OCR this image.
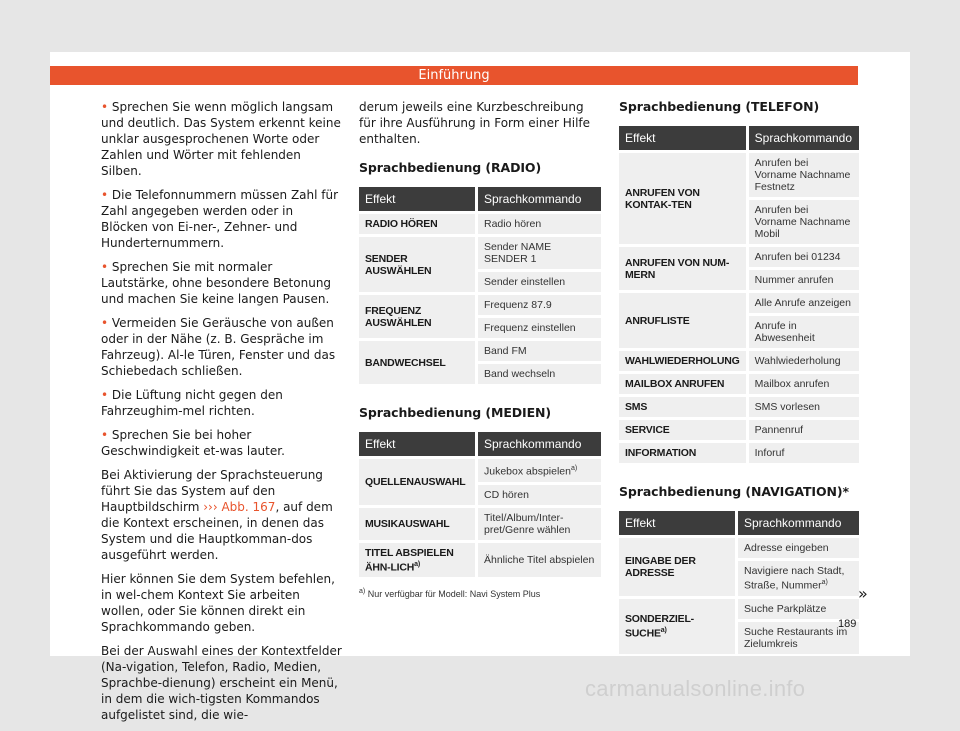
Einführung

• Sprechen Sie wenn möglich langsam und deutlich. Das System erkennt keine unklar ausgesprochenen Worte oder Zahlen und Wörter mit fehlenden Silben.

• Die Telefonnummern müssen Zahl für Zahl angegeben werden oder in Blöcken von Ei-ner-, Zehner- und Hunderternummern.

• Sprechen Sie mit normaler Lautstärke, ohne besondere Betonung und machen Sie keine langen Pausen.

• Vermeiden Sie Geräusche von außen oder in der Nähe (z. B. Gespräche im Fahrzeug). Al-le Türen, Fenster und das Schiebedach schließen.

• Die Lüftung nicht gegen den Fahrzeughim-mel richten.

• Sprechen Sie bei hoher Geschwindigkeit et-was lauter.

Bei Aktivierung der Sprachsteuerung führt Sie das System auf den Hauptbildschirm ››› Abb. 167, auf dem die Kontext erscheinen, in denen das System und die Hauptkomman-dos ausgeführt werden.

Hier können Sie dem System befehlen, in wel-chem Kontext Sie arbeiten wollen, oder Sie können direkt ein Sprachkommando geben.

Bei der Auswahl eines der Kontextfelder (Na-vigation, Telefon, Radio, Medien, Sprachbe-dienung) erscheint ein Menü, in dem die wich-tigsten Kommandos aufgelistet sind, die wie-

derum jeweils eine Kurzbeschreibung für ihre Ausführung in Form einer Hilfe enthalten.

Sprachbedienung (RADIO)

Effekt	Sprachkommando
RADIO HÖREN	Radio hören
SENDER AUSWÄHLEN	Sender NAME SENDER 1
	Sender einstellen
FREQUENZ AUSWÄHLEN	Frequenz 87.9
	Frequenz einstellen
BANDWECHSEL	Band FM
	Band wechseln

Sprachbedienung (MEDIEN)

Effekt	Sprachkommando
QUELLENAUSWAHL	Jukebox abspielen$^{a)}$
	CD hören
MUSIKAUSWAHL	Titel/Album/Inter-pret/Genre wählen
TITEL ABSPIELEN ÄHN-LICH$^{a)}$	Ähnliche Titel abspielen
$^{a)}$ Nur verfügbar für Modell: Navi System Plus

Sprachbedienung (TELEFON)

Effekt	Sprachkommando
ANRUFEN VON KONTAK-TEN	Anrufen bei Vorname Nachname Festnetz
	Anrufen bei Vorname Nachname Mobil
ANRUFEN VON NUM-MERN	Anrufen bei 01234
	Nummer anrufen
ANRUFLISTE	Alle Anrufe anzeigen
	Anrufe in Abwesenheit
WAHLWIEDERHOLUNG	Wahlwiederholung
MAILBOX ANRUFEN	Mailbox anrufen
SMS	SMS vorlesen
SERVICE	Pannenruf
INFORMATION	Inforuf

Sprachbedienung (NAVIGATION)*

Effekt	Sprachkommando
EINGABE DER ADRESSE	Adresse eingeben
	Navigiere nach Stadt, Straße, Nummer$^{a)}$
SONDERZIEL- SUCHE$^{a)}$	Suche Parkplätze
	Suche Restaurants im Zielumkreis
»
189
carmanualsonline.info
